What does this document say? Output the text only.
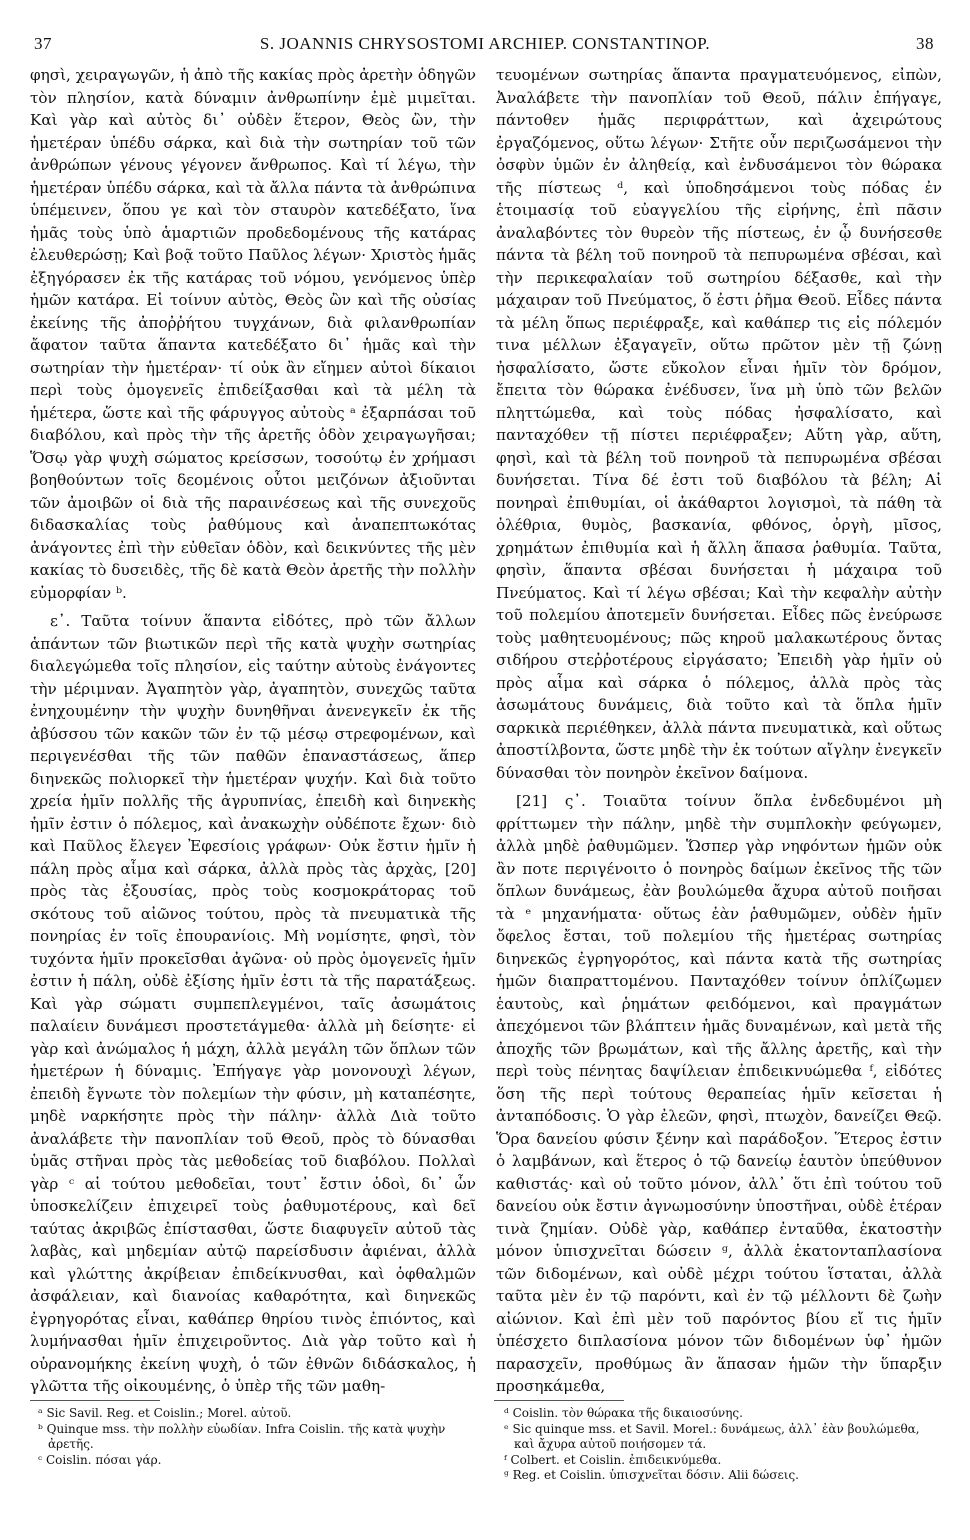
37	S. JOANNIS CHRYSOSTOMI ARCHIEP. CONSTANTINOP.	38

φησὶ, χειραγωγῶν, ἡ ἀπὸ τῆς κακίας πρὸς ἀρετὴν ὁδηγῶν τὸν πλησίον, κατὰ δύναμιν ἀνθρωπίνην ἐμὲ μιμεῖται. Καὶ γὰρ καὶ αὐτὸς δι᾽ οὐδὲν ἕτερον, Θεὸς ὢν, τὴν ἡμετέραν ὑπέδυ σάρκα, καὶ διὰ τὴν σωτηρίαν τοῦ τῶν ἀνθρώπων γένους γέγονεν ἄνθρωπος. Καὶ τί λέγω, τὴν ἡμετέραν ὑπέδυ σάρκα, καὶ τὰ ἄλλα πάντα τὰ ἀνθρώπινα ὑπέμεινεν, ὅπου γε καὶ τὸν σταυρὸν κατεδέξατο, ἵνα ἡμᾶς τοὺς ὑπὸ ἁμαρτιῶν προδεδομένους τῆς κατάρας ἐλευθερώσῃ; Καὶ βοᾷ τοῦτο Παῦλος λέγων· Χριστὸς ἡμᾶς ἐξηγόρασεν ἐκ τῆς κατάρας τοῦ νόμου, γενόμενος ὑπὲρ ἡμῶν κατάρα. Εἰ τοίνυν αὐτὸς, Θεὸς ὢν καὶ τῆς οὐσίας ἐκείνης τῆς ἀποῤῥήτου τυγχάνων, διὰ φιλανθρωπίαν ἄφατον ταῦτα ἅπαντα κατεδέξατο δι᾽ ἡμᾶς καὶ τὴν σωτηρίαν τὴν ἡμετέραν· τί οὐκ ἂν εἴημεν αὐτοὶ δίκαιοι περὶ τοὺς ὁμογενεῖς ἐπιδείξασθαι καὶ τὰ μέλη τὰ ἡμέτερα, ὥστε καὶ τῆς φάρυγγος αὐτοὺς ᵃ ἐξαρπάσαι τοῦ διαβόλου, καὶ πρὸς τὴν τῆς ἀρετῆς ὁδὸν χειραγωγῆσαι; Ὅσῳ γὰρ ψυχὴ σώματος κρείσσων, τοσούτῳ ἐν χρήμασι βοηθούντων τοῖς δεομένοις οὗτοι μειζόνων ἀξιοῦνται τῶν ἀμοιβῶν οἱ διὰ τῆς παραινέσεως καὶ τῆς συνεχοῦς διδασκαλίας τοὺς ῥαθύμους καὶ ἀναπεπτωκότας ἀνάγοντες ἐπὶ τὴν εὐθεῖαν ὁδὸν, καὶ δεικνύντες τῆς μὲν κακίας τὸ δυσειδὲς, τῆς δὲ κατὰ Θεὸν ἀρετῆς τὴν πολλὴν εὐμορφίαν ᵇ.

ε᾽. Ταῦτα τοίνυν ἅπαντα εἰδότες, πρὸ τῶν ἄλλων ἁπάντων τῶν βιωτικῶν περὶ τῆς κατὰ ψυχὴν σωτηρίας διαλεγώμεθα τοῖς πλησίον, εἰς ταύτην αὐτοὺς ἐνάγοντες τὴν μέριμναν. Ἀγαπητὸν γὰρ, ἀγαπητὸν, συνεχῶς ταῦτα ἐνηχουμένην τὴν ψυχὴν δυνηθῆναι ἀνενεγκεῖν ἐκ τῆς ἀβύσσου τῶν κακῶν τῶν ἐν τῷ μέσῳ στρεφομένων, καὶ περιγενέσθαι τῆς τῶν παθῶν ἐπαναστάσεως, ἅπερ διηνεκῶς πολιορκεῖ τὴν ἡμετέραν ψυχήν. Καὶ διὰ τοῦτο χρεία ἡμῖν πολλῆς τῆς ἀγρυπνίας, ἐπειδὴ καὶ διηνεκὴς ἡμῖν ἐστιν ὁ πόλεμος, καὶ ἀνακωχὴν οὐδέποτε ἔχων· διὸ καὶ Παῦλος ἔλεγεν Ἐφεσίοις γράφων· Οὐκ ἔστιν ἡμῖν ἡ πάλη πρὸς αἷμα καὶ σάρκα, ἀλλὰ πρὸς τὰς ἀρχὰς, [20] πρὸς τὰς ἐξουσίας, πρὸς τοὺς κοσμοκράτορας τοῦ σκότους τοῦ αἰῶνος τούτου, πρὸς τὰ πνευματικὰ τῆς πονηρίας ἐν τοῖς ἐπουρανίοις. Μὴ νομίσητε, φησὶ, τὸν τυχόντα ἡμῖν προκεῖσθαι ἀγῶνα· οὐ πρὸς ὁμογενεῖς ἡμῖν ἐστιν ἡ πάλη, οὐδὲ ἐξίσης ἡμῖν ἐστι τὰ τῆς παρατάξεως. Καὶ γὰρ σώματι συμπεπλεγμένοι, ταῖς ἀσωμάτοις παλαίειν δυνάμεσι προστετάγμεθα· ἀλλὰ μὴ δείσητε· εἰ γὰρ καὶ ἀνώμαλος ἡ μάχη, ἀλλὰ μεγάλη τῶν ὅπλων τῶν ἡμετέρων ἡ δύναμις. Ἐπήγαγε γὰρ μονονουχὶ λέγων, ἐπειδὴ ἔγνωτε τὸν πολεμίων τὴν φύσιν, μὴ καταπέσητε, μηδὲ ναρκήσητε πρὸς τὴν πάλην· ἀλλὰ Διὰ τοῦτο ἀναλάβετε τὴν πανοπλίαν τοῦ Θεοῦ, πρὸς τὸ δύνασθαι ὑμᾶς στῆναι πρὸς τὰς μεθοδείας τοῦ διαβόλου. Πολλαὶ γὰρ ᶜ αἱ τούτου μεθοδεῖαι, τουτ᾽ ἔστιν ὁδοὶ, δι᾽ ὧν ὑποσκελίζειν ἐπιχειρεῖ τοὺς ῥαθυμοτέρους, καὶ δεῖ ταύτας ἀκριβῶς ἐπίστασθαι, ὥστε διαφυγεῖν αὐτοῦ τὰς λαβὰς, καὶ μηδεμίαν αὐτῷ παρείσδυσιν ἀφιέναι, ἀλλὰ καὶ γλώττης ἀκρίβειαν ἐπιδείκνυσθαι, καὶ ὀφθαλμῶν ἀσφάλειαν, καὶ διανοίας καθαρότητα, καὶ διηνεκῶς ἐγρηγορότας εἶναι, καθάπερ θηρίου τινὸς ἐπιόντος, καὶ λυμήνασθαι ἡμῖν ἐπιχειροῦντος. Διὰ γὰρ τοῦτο καὶ ἡ οὐρανομήκης ἐκείνη ψυχὴ, ὁ τῶν ἐθνῶν διδάσκαλος, ἡ γλῶττα τῆς οἰκουμένης, ὁ ὑπὲρ τῆς τῶν μαθη-

τευομένων σωτηρίας ἅπαντα πραγματευόμενος, εἰπὼν, Ἀναλάβετε τὴν πανοπλίαν τοῦ Θεοῦ, πάλιν ἐπήγαγε, πάντοθεν ἡμᾶς περιφράττων, καὶ ἀχειρώτους ἐργαζόμενος, οὕτω λέγων· Στῆτε οὖν περιζωσάμενοι τὴν ὀσφὺν ὑμῶν ἐν ἀληθείᾳ, καὶ ἐνδυσάμενοι τὸν θώρακα τῆς πίστεως ᵈ, καὶ ὑποδησάμενοι τοὺς πόδας ἐν ἑτοιμασίᾳ τοῦ εὐαγγελίου τῆς εἰρήνης, ἐπὶ πᾶσιν ἀναλαβόντες τὸν θυρεὸν τῆς πίστεως, ἐν ᾧ δυνήσεσθε πάντα τὰ βέλη τοῦ πονηροῦ τὰ πεπυρωμένα σβέσαι, καὶ τὴν περικεφαλαίαν τοῦ σωτηρίου δέξασθε, καὶ τὴν μάχαιραν τοῦ Πνεύματος, ὅ ἐστι ῥῆμα Θεοῦ. Εἶδες πάντα τὰ μέλη ὅπως περιέφραξε, καὶ καθάπερ τις εἰς πόλεμόν τινα μέλλων ἐξαγαγεῖν, οὕτω πρῶτον μὲν τῇ ζώνῃ ἠσφαλίσατο, ὥστε εὔκολον εἶναι ἡμῖν τὸν δρόμον, ἔπειτα τὸν θώρακα ἐνέδυσεν, ἵνα μὴ ὑπὸ τῶν βελῶν πληττώμεθα, καὶ τοὺς πόδας ἠσφαλίσατο, καὶ πανταχόθεν τῇ πίστει περιέφραξεν; Αὕτη γὰρ, αὕτη, φησὶ, καὶ τὰ βέλη τοῦ πονηροῦ τὰ πεπυρωμένα σβέσαι δυνήσεται. Τίνα δέ ἐστι τοῦ διαβόλου τὰ βέλη; Αἱ πονηραὶ ἐπιθυμίαι, οἱ ἀκάθαρτοι λογισμοὶ, τὰ πάθη τὰ ὀλέθρια, θυμὸς, βασκανία, φθόνος, ὀργὴ, μῖσος, χρημάτων ἐπιθυμία καὶ ἡ ἄλλη ἅπασα ῥαθυμία. Ταῦτα, φησὶν, ἅπαντα σβέσαι δυνήσεται ἡ μάχαιρα τοῦ Πνεύματος. Καὶ τί λέγω σβέσαι; Καὶ τὴν κεφαλὴν αὐτὴν τοῦ πολεμίου ἀποτεμεῖν δυνήσεται. Εἶδες πῶς ἐνεύρωσε τοὺς μαθητευομένους; πῶς κηροῦ μαλακωτέρους ὄντας σιδήρου στεῤῥοτέρους εἰργάσατο; Ἐπειδὴ γὰρ ἡμῖν οὐ πρὸς αἷμα καὶ σάρκα ὁ πόλεμος, ἀλλὰ πρὸς τὰς ἀσωμάτους δυνάμεις, διὰ τοῦτο καὶ τὰ ὅπλα ἡμῖν σαρκικὰ περιέθηκεν, ἀλλὰ πάντα πνευματικὰ, καὶ οὕτως ἀποστίλβοντα, ὥστε μηδὲ τὴν ἐκ τούτων αἴγλην ἐνεγκεῖν δύνασθαι τὸν πονηρὸν ἐκεῖνον δαίμονα.

[21] ς᾽. Τοιαῦτα τοίνυν ὅπλα ἐνδεδυμένοι μὴ φρίττωμεν τὴν πάλην, μηδὲ τὴν συμπλοκὴν φεύγωμεν, ἀλλὰ μηδὲ ῥαθυμῶμεν. Ὥσπερ γὰρ νηφόντων ἡμῶν οὐκ ἂν ποτε περιγένοιτο ὁ πονηρὸς δαίμων ἐκεῖνος τῆς τῶν ὅπλων δυνάμεως, ἐὰν βουλώμεθα ἄχυρα αὐτοῦ ποιῆσαι τὰ ᵉ μηχανήματα· οὕτως ἐὰν ῥαθυμῶμεν, οὐδὲν ἡμῖν ὄφελος ἔσται, τοῦ πολεμίου τῆς ἡμετέρας σωτηρίας διηνεκῶς ἐγρηγορότος, καὶ πάντα κατὰ τῆς σωτηρίας ἡμῶν διαπραττομένου. Πανταχόθεν τοίνυν ὁπλίζωμεν ἑαυτοὺς, καὶ ῥημάτων φειδόμενοι, καὶ πραγμάτων ἀπεχόμενοι τῶν βλάπτειν ἡμᾶς δυναμένων, καὶ μετὰ τῆς ἀποχῆς τῶν βρωμάτων, καὶ τῆς ἄλλης ἀρετῆς, καὶ τὴν περὶ τοὺς πένητας δαψίλειαν ἐπιδεικνυώμεθα ᶠ, εἰδότες ὅση τῆς περὶ τούτους θεραπείας ἡμῖν κεῖσεται ἡ ἀνταπόδοσις. Ὁ γὰρ ἐλεῶν, φησὶ, πτωχὸν, δανείζει Θεῷ. Ὅρα δανείου φύσιν ξένην καὶ παράδοξον. Ἕτερος ἐστιν ὁ λαμβάνων, καὶ ἕτερος ὁ τῷ δανείῳ ἑαυτὸν ὑπεύθυνον καθιστάς· καὶ οὐ τοῦτο μόνον, ἀλλ᾽ ὅτι ἐπὶ τούτου τοῦ δανείου οὐκ ἔστιν ἀγνωμοσύνην ὑποστῆναι, οὐδὲ ἑτέραν τινὰ ζημίαν. Οὐδὲ γὰρ, καθάπερ ἐνταῦθα, ἑκατοστὴν μόνον ὑπισχνεῖται δώσειν ᵍ, ἀλλὰ ἑκατονταπλασίονα τῶν διδομένων, καὶ οὐδὲ μέχρι τούτου ἵσταται, ἀλλὰ ταῦτα μὲν ἐν τῷ παρόντι, καὶ ἐν τῷ μέλλοντι δὲ ζωὴν αἰώνιον. Καὶ ἐπὶ μὲν τοῦ παρόντος βίου εἴ τις ἡμῖν ὑπέσχετο διπλασίονα μόνον τῶν διδομένων ὑφ᾽ ἡμῶν παρασχεῖν, προθύμως ἂν ἅπασαν ἡμῶν τὴν ὕπαρξιν προσηκάμεθα,

ᵃ Sic Savil. Reg. et Coislin.; Morel. αὐτοῦ.
ᵇ Quinque mss. τὴν πολλὴν εὐωδίαν. Infra Coislin. τῆς κατὰ ψυχὴν ἀρετῆς.
ᶜ Coislin. πόσαι γάρ.
ᵈ Coislin. τὸν θώρακα τῆς δικαιοσύνης.
ᵉ Sic quinque mss. et Savil. Morel.: δυνάμεως, ἀλλ᾽ ἐὰν βουλώμεθα, καὶ ἄχυρα αὐτοῦ ποιήσομεν τά.
ᶠ Colbert. et Coislin. ἐπιδεικνύμεθα.
ᵍ Reg. et Coislin. ὑπισχνεῖται δόσιν. Alii δώσεις.
